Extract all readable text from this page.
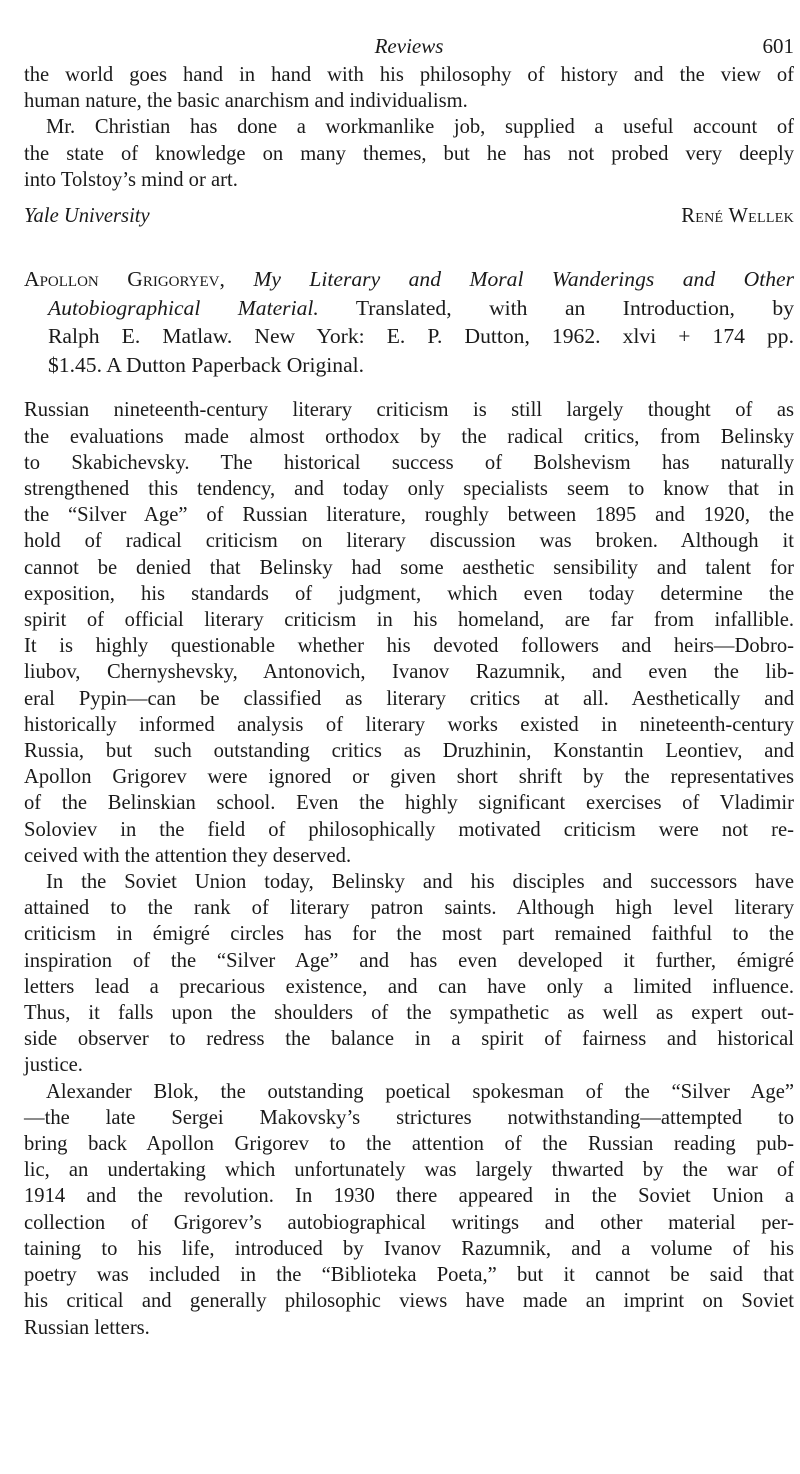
Reviews	601
the world goes hand in hand with his philosophy of history and the view of
human nature, the basic anarchism and individualism.
Mr. Christian has done a workmanlike job, supplied a useful account of
the state of knowledge on many themes, but he has not probed very deeply
into Tolstoy’s mind or art.
Yale University	René Wellek
Apollon Grigoryev, My Literary and Moral Wanderings and Other
Autobiographical Material. Translated, with an Introduction, by
Ralph E. Matlaw. New York: E. P. Dutton, 1962. xlvi + 174 pp.
$1.45. A Dutton Paperback Original.
Russian nineteenth-century literary criticism is still largely thought of as
the evaluations made almost orthodox by the radical critics, from Belinsky
to Skabichevsky. The historical success of Bolshevism has naturally
strengthened this tendency, and today only specialists seem to know that in
the “Silver Age” of Russian literature, roughly between 1895 and 1920, the
hold of radical criticism on literary discussion was broken. Although it
cannot be denied that Belinsky had some aesthetic sensibility and talent for
exposition, his standards of judgment, which even today determine the
spirit of official literary criticism in his homeland, are far from infallible.
It is highly questionable whether his devoted followers and heirs—Dobro-
liubov, Chernyshevsky, Antonovich, Ivanov Razumnik, and even the lib-
eral Pypin—can be classified as literary critics at all. Aesthetically and
historically informed analysis of literary works existed in nineteenth-century
Russia, but such outstanding critics as Druzhinin, Konstantin Leontiev, and
Apollon Grigorev were ignored or given short shrift by the representatives
of the Belinskian school. Even the highly significant exercises of Vladimir
Soloviev in the field of philosophically motivated criticism were not re-
ceived with the attention they deserved.
In the Soviet Union today, Belinsky and his disciples and successors have
attained to the rank of literary patron saints. Although high level literary
criticism in émigré circles has for the most part remained faithful to the
inspiration of the “Silver Age” and has even developed it further, émigré
letters lead a precarious existence, and can have only a limited influence.
Thus, it falls upon the shoulders of the sympathetic as well as expert out-
side observer to redress the balance in a spirit of fairness and historical
justice.
Alexander Blok, the outstanding poetical spokesman of the “Silver Age”
—the late Sergei Makovsky’s strictures notwithstanding—attempted to
bring back Apollon Grigorev to the attention of the Russian reading pub-
lic, an undertaking which unfortunately was largely thwarted by the war of
1914 and the revolution. In 1930 there appeared in the Soviet Union a
collection of Grigorev’s autobiographical writings and other material per-
taining to his life, introduced by Ivanov Razumnik, and a volume of his
poetry was included in the “Biblioteka Poeta,” but it cannot be said that
his critical and generally philosophic views have made an imprint on Soviet
Russian letters.
